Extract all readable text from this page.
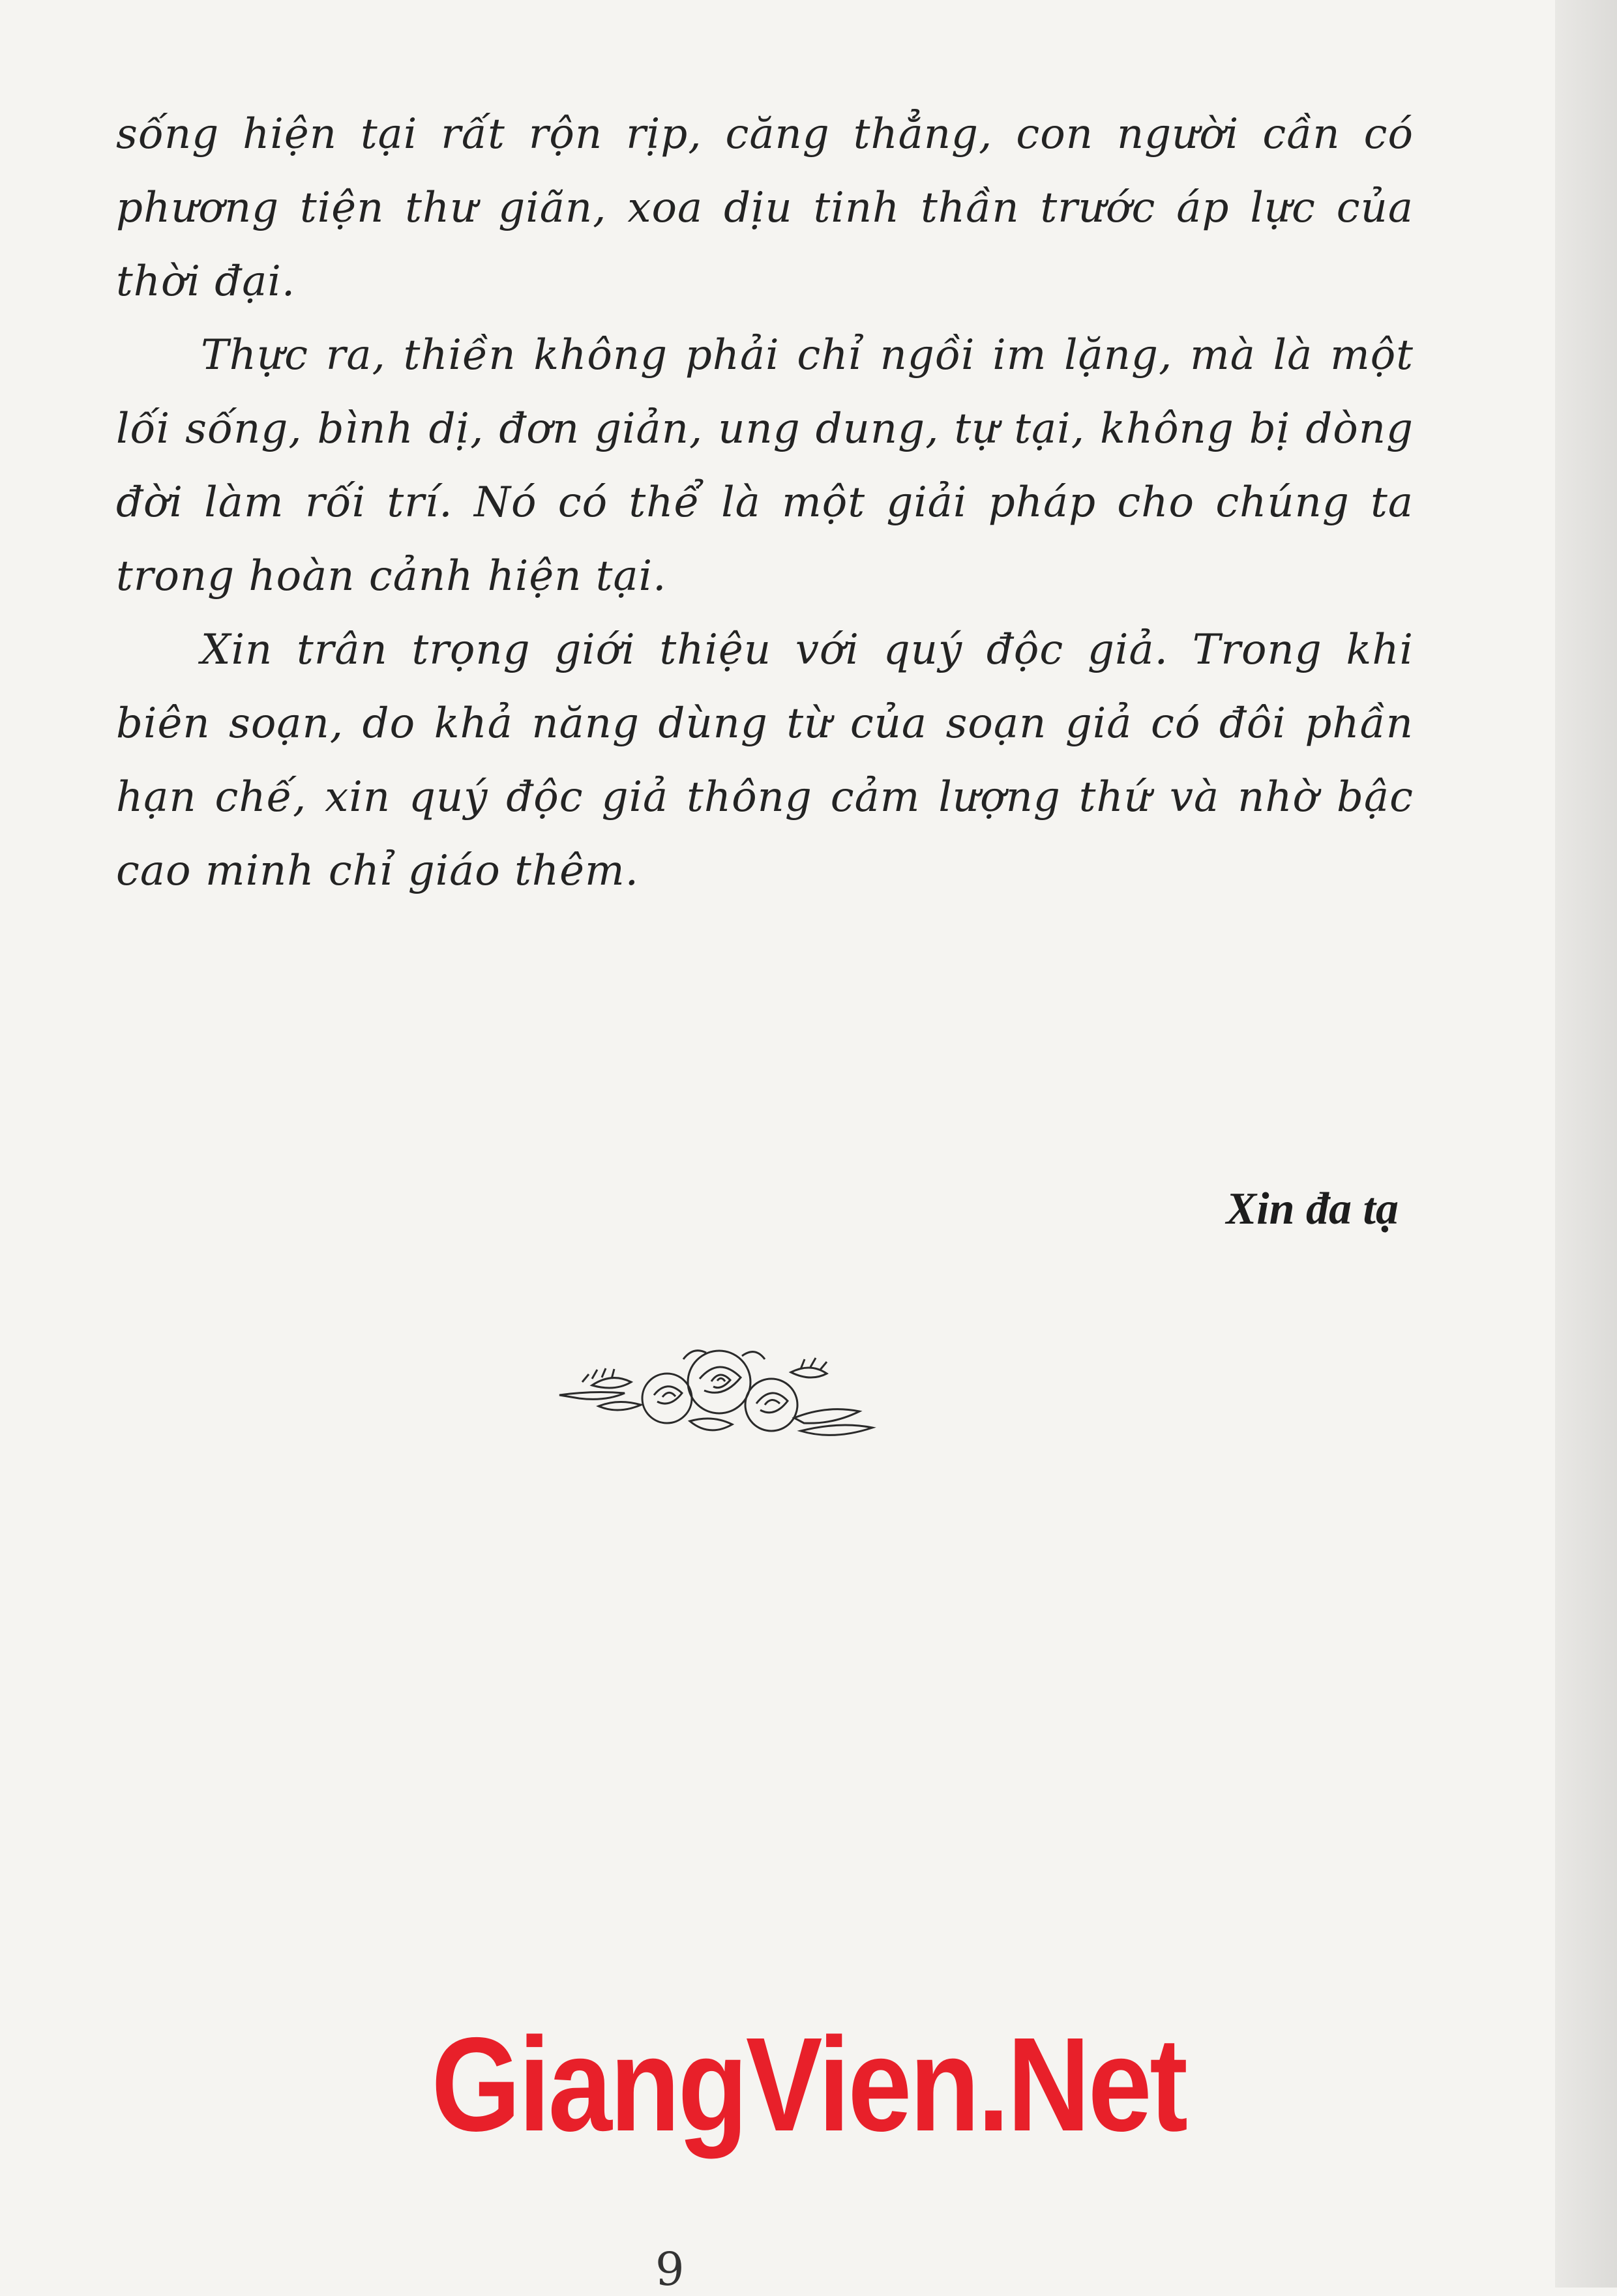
sống hiện tại rất rộn rịp, căng thẳng, con người cần có phương tiện thư giãn, xoa dịu tinh thần trước áp lực của thời đại.

Thực ra, thiền không phải chỉ ngồi im lặng, mà là một lối sống, bình dị, đơn giản, ung dung, tự tại, không bị dòng đời làm rối trí. Nó có thể là một giải pháp cho chúng ta trong hoàn cảnh hiện tại.

Xin trân trọng giới thiệu với quý độc giả. Trong khi biên soạn, do khả năng dùng từ của soạn giả có đôi phần hạn chế, xin quý độc giả thông cảm lượng thứ và nhờ bậc cao minh chỉ giáo thêm.

Xin đa tạ
GiangVien.Net
9
